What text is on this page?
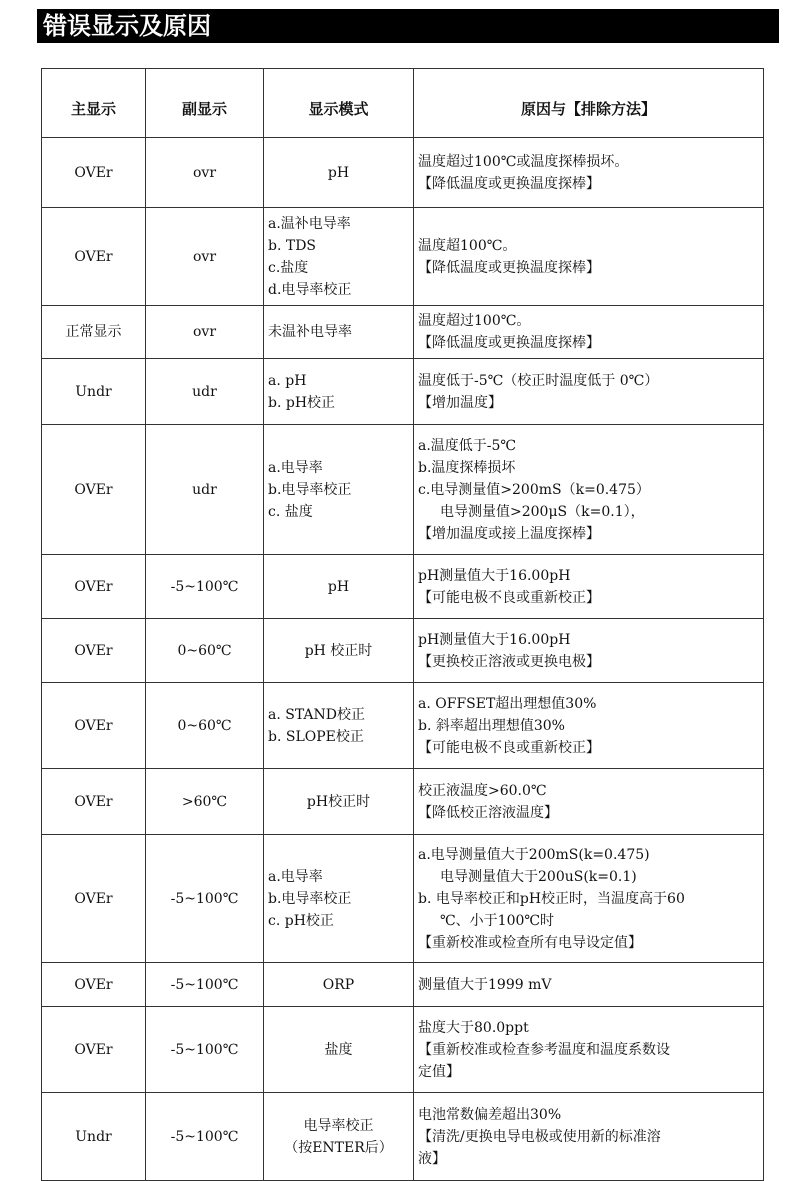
错误显示及原因
主显示	副显示	显示模式	原因与【排除方法】

OVEr	ovr	pH	温度超过100℃或温度探棒损坏。
【降低温度或更换温度探棒】

OVEr	ovr	a.温补电导率
b. TDS
c.盐度
d.电导率校正	温度超100℃。
【降低温度或更换温度探棒】

正常显示	ovr	未温补电导率	温度超过100℃。
【降低温度或更换温度探棒】

Undr	udr	a. pH
b. pH校正	温度低于-5℃（校正时温度低于 0℃）
【增加温度】

OVEr	udr	a.电导率
b.电导率校正
c. 盐度	a.温度低于-5℃
b.温度探棒损坏
c.电导测量值>200mS（k=0.475）
电导测量值>200μS（k=0.1），
【增加温度或接上温度探棒】

OVEr	-5~100℃	pH	pH测量值大于16.00pH
【可能电极不良或重新校正】

OVEr	0~60℃	pH 校正时	pH测量值大于16.00pH
【更换校正溶液或更换电极】

OVEr	0~60℃	a. STAND校正
b. SLOPE校正	a. OFFSET超出理想值30%
b. 斜率超出理想值30%
【可能电极不良或重新校正】

OVEr	>60℃	pH校正时	校正液温度>60.0℃
【降低校正溶液温度】

OVEr	-5~100℃	a.电导率
b.电导率校正
c. pH校正	a.电导测量值大于200mS(k=0.475)
电导测量值大于200uS(k=0.1)
b. 电导率校正和pH校正时，当温度高于60
℃、小于100℃时
【重新校准或检查所有电导设定值】

OVEr	-5~100℃	ORP	测量值大于1999 mV

OVEr	-5~100℃	盐度	盐度大于80.0ppt
【重新校准或检查参考温度和温度系数设
定值】

Undr	-5~100℃	电导率校正
（按ENTER后）	电池常数偏差超出30%
【清洗/更换电导电极或使用新的标准溶
液】
